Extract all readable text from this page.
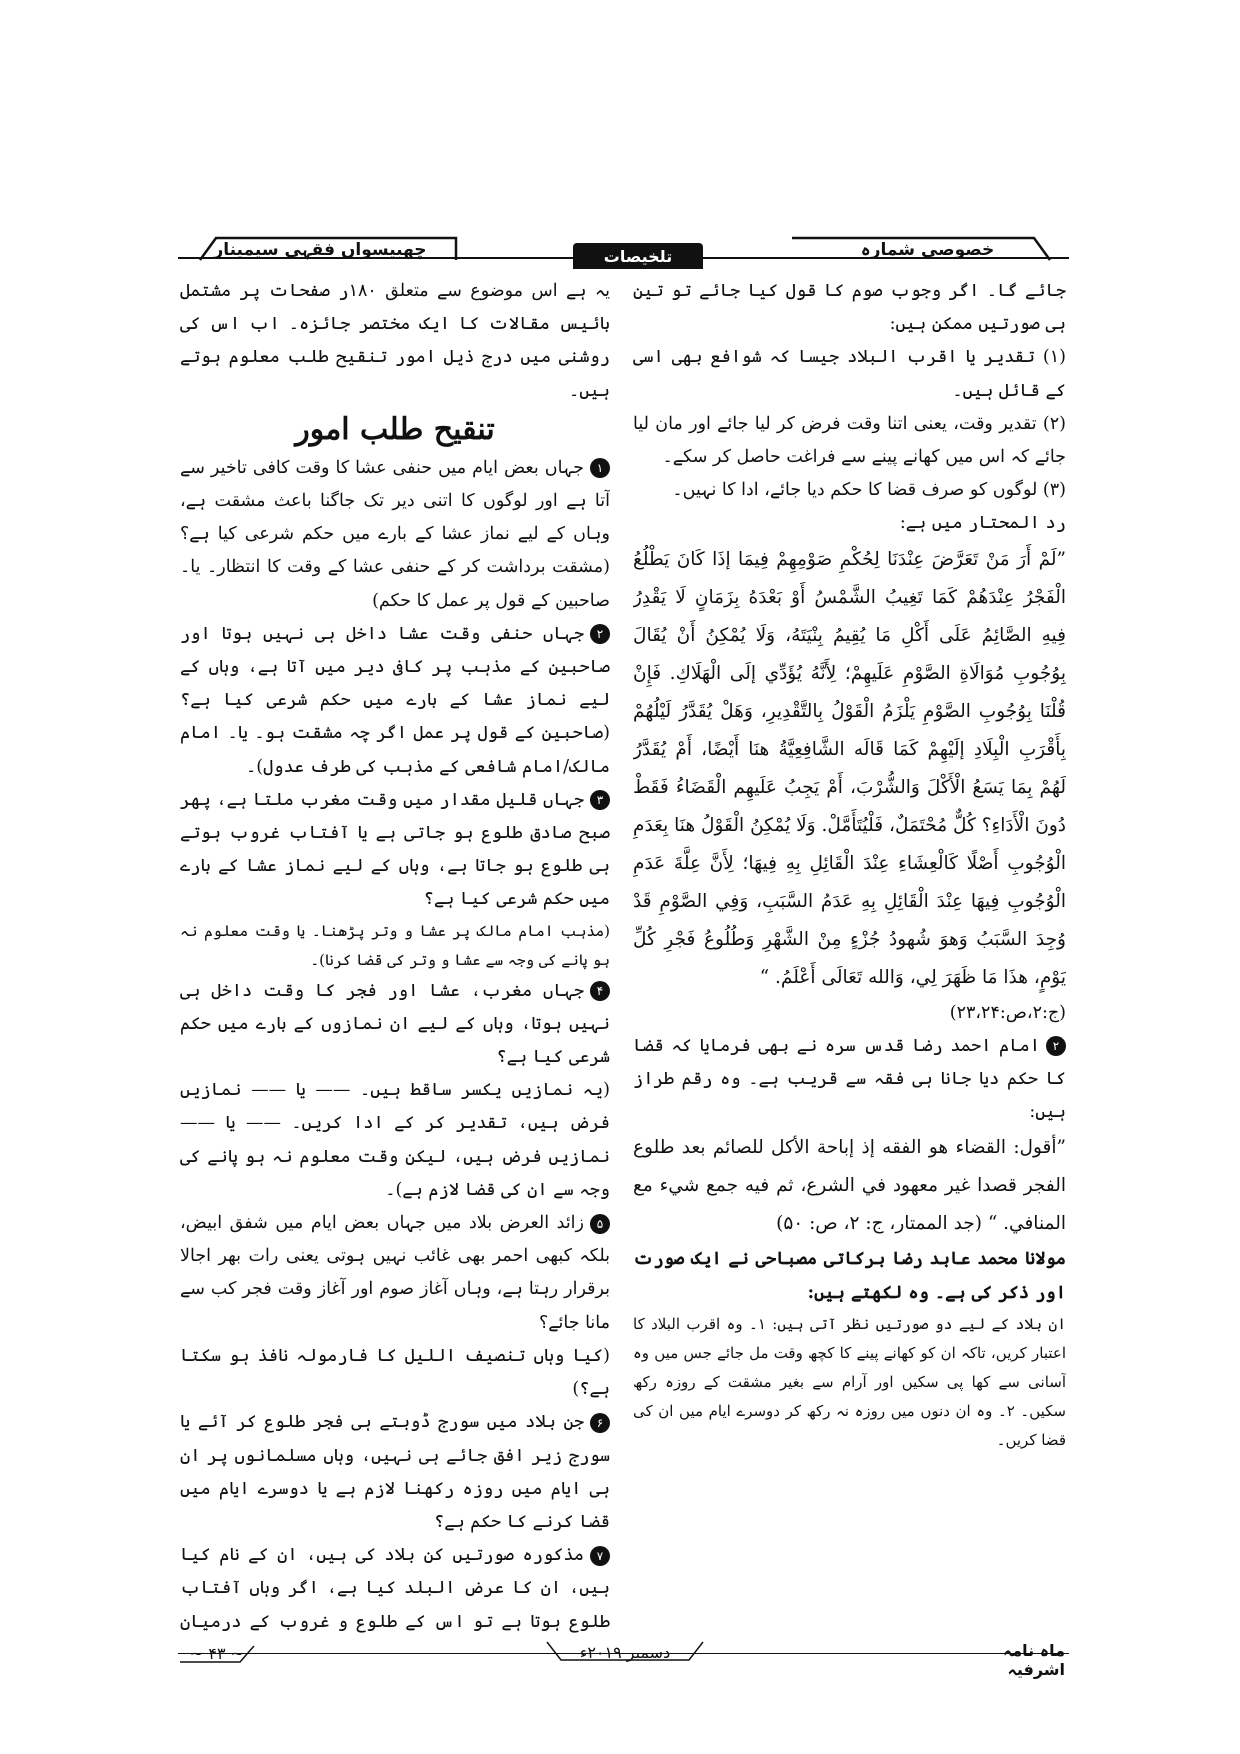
چھبیسواں فقہی سیمینار	تلخیصات	خصوصی شمارہ

جائے گا۔ اگر وجوب صوم کا قول کیا جائے تو تین ہی صورتیں ممکن ہیں:

(۱) تقدیر یا اقرب البلاد جیسا کہ شوافع بھی اسی کے قائل ہیں۔

(۲) تقدیر وقت، یعنی اتنا وقت فرض کر لیا جائے اور مان لیا جائے کہ اس میں کھانے پینے سے فراغت حاصل کر سکے۔

(۳) لوگوں کو صرف قضا کا حکم دیا جائے، ادا کا نہیں۔

رد المحتار میں ہے:

”لَمْ أَرَ مَنْ تَعَرَّضَ عِنْدَنَا لِحُكْمِ صَوْمِهِمْ فِيمَا إذَا كَانَ يَطْلُعُ الْفَجْرُ عِنْدَهُمْ كَمَا تَغِيبُ الشَّمْسُ أَوْ بَعْدَهُ بِزَمَانٍ لَا يَقْدِرُ فِيهِ الصَّائِمُ عَلَى أَكْلِ مَا يُقِيمُ بِنْيَتَهُ، وَلَا يُمْكِنُ أَنْ يُقَالَ بِوُجُوبِ مُوَالَاةِ الصَّوْمِ عَلَيهِمْ؛ لِأَنَّهُ يُؤَدِّي إلَى الْهَلَاكِ. فَإِنْ قُلْنَا بِوُجُوبِ الصَّوْمِ يَلْزَمُ الْقَوْلُ بِالتَّقْدِيرِ، وَهَلْ يُقَدَّرُ لَيْلُهُمْ بِأَقْرَبِ الْبِلَادِ إلَيْهِمْ كَمَا قَالَه الشَّافِعِيَّةُ هنَا أَيْضًا، أَمْ يُقَدَّرُ لَهُمْ بِمَا يَسَعُ الْأَكْلَ وَالشُّرْبَ، أَمْ يَجِبُ عَلَيهِم الْقَضَاءُ فَقَطْ دُونَ الْأَدَاءِ؟ كُلٌّ مُحْتَمَلٌ، فَلْيُتَأَمَّلْ. وَلَا يُمْكِنُ الْقَوْلُ هنَا بِعَدَمِ الْوُجُوبِ أَصْلًا كَالْعِشَاءِ عِنْدَ الْقَائِلِ بِهِ فِيهَا؛ لِأَنَّ عِلَّةَ عَدَمِ الْوُجُوبِ فِيهَا عِنْدَ الْقَائِلِ بِهِ عَدَمُ السَّبَبِ، وَفِي الصَّوْمِ قَدْ وُجِدَ السَّبَبُ وَهوَ شُهودُ جُزْءٍ مِنْ الشَّهْرِ وَطُلُوعُ فَجْرِ كُلِّ يَوْمٍ، هذَا مَا ظَهَرَ لِي، وَالله تَعَالَى أَعْلَمُ. “

(ج:۲،ص:۲۳،۲۴)

۲امام احمد رضا قدس سرہ نے بھی فرمایا کہ قضا کا حکم دیا جانا ہی فقہ سے قریب ہے۔ وہ رقم طراز ہیں:

”أقول: القضاء هو الفقه إذ إباحة الأكل للصائم بعد طلوع الفجر قصدا غير معهود في الشرع، ثم فيه جمع شيء مع المنافي. “ (جد الممتار، ج: ۲، ص: ۵۰)

مولانا محمد عابد رضا برکاتی مصباحی نے ایک صورت اور ذکر کی ہے۔ وہ لکھتے ہیں:

ان بلاد کے لیے دو صورتیں نظر آتی ہیں: ۱۔ وہ اقرب البلاد کا اعتبار کریں، تاکہ ان کو کھانے پینے کا کچھ وقت مل جائے جس میں وہ آسانی سے کھا پی سکیں اور آرام سے بغیر مشقت کے روزہ رکھ سکیں۔ ۲۔ وہ ان دنوں میں روزہ نہ رکھ کر دوسرے ایام میں ان کی قضا کریں۔

یہ ہے اس موضوع سے متعلق ۱۸۰ر صفحات پر مشتمل بائیس مقالات کا ایک مختصر جائزہ۔ اب اس کی روشنی میں درج ذیل امور تنقیح طلب معلوم ہوتے ہیں۔

تنقیح طلب امور

۱جہاں بعض ایام میں حنفی عشا کا وقت کافی تاخیر سے آتا ہے اور لوگوں کا اتنی دیر تک جاگنا باعث مشقت ہے، وہاں کے لیے نماز عشا کے بارے میں حکم شرعی کیا ہے؟ (مشقت برداشت کر کے حنفی عشا کے وقت کا انتظار۔ یا۔ صاحبین کے قول پر عمل کا حکم)

۲جہاں حنفی وقت عشا داخل ہی نہیں ہوتا اور صاحبین کے مذہب پر کافی دیر میں آتا ہے، وہاں کے لیے نماز عشا کے بارے میں حکم شرعی کیا ہے؟ (صاحبین کے قول پر عمل اگر چہ مشقت ہو۔ یا۔ امام مالک/امام شافعی کے مذہب کی طرف عدول)۔

۳جہاں قلیل مقدار میں وقت مغرب ملتا ہے، پھر صبح صادق طلوع ہو جاتی ہے یا آفتاب غروب ہوتے ہی طلوع ہو جاتا ہے، وہاں کے لیے نماز عشا کے بارے میں حکم شرعی کیا ہے؟

(مذہب امام مالک پر عشا و وتر پڑھنا۔ یا وقت معلوم نہ ہو پانے کی وجہ سے عشا و وتر کی قضا کرنا)۔

۴جہاں مغرب، عشا اور فجر کا وقت داخل ہی نہیں ہوتا، وہاں کے لیے ان نمازوں کے بارے میں حکم شرعی کیا ہے؟

(یہ نمازیں یکسر ساقط ہیں۔ —— یا —— نمازیں فرض ہیں، تقدیر کر کے ادا کریں۔ —— یا —— نمازیں فرض ہیں، لیکن وقت معلوم نہ ہو پانے کی وجہ سے ان کی قضا لازم ہے)۔

۵زائد العرض بلاد میں جہاں بعض ایام میں شفق ابیض، بلکہ کبھی احمر بھی غائب نہیں ہوتی یعنی رات بھر اجالا برقرار رہتا ہے، وہاں آغاز صوم اور آغاز وقت فجر کب سے مانا جائے؟

(کیا وہاں تنصیف اللیل کا فارمولہ نافذ ہو سکتا ہے؟)

۶جن بلاد میں سورج ڈوبتے ہی فجر طلوع کر آئے یا سورج زیر افق جائے ہی نہیں، وہاں مسلمانوں پر ان ہی ایام میں روزہ رکھنا لازم ہے یا دوسرے ایام میں قضا کرنے کا حکم ہے؟

۷مذکورہ صورتیں کن بلاد کی ہیں، ان کے نام کیا ہیں، ان کا عرض البلد کیا ہے، اگر وہاں آفتاب طلوع ہوتا ہے تو اس کے طلوع و غروب کے درمیان

~ ۴۳ ~	دسمبر ۲۰۱۹ء	ماہ نامہ اشرفیہ
